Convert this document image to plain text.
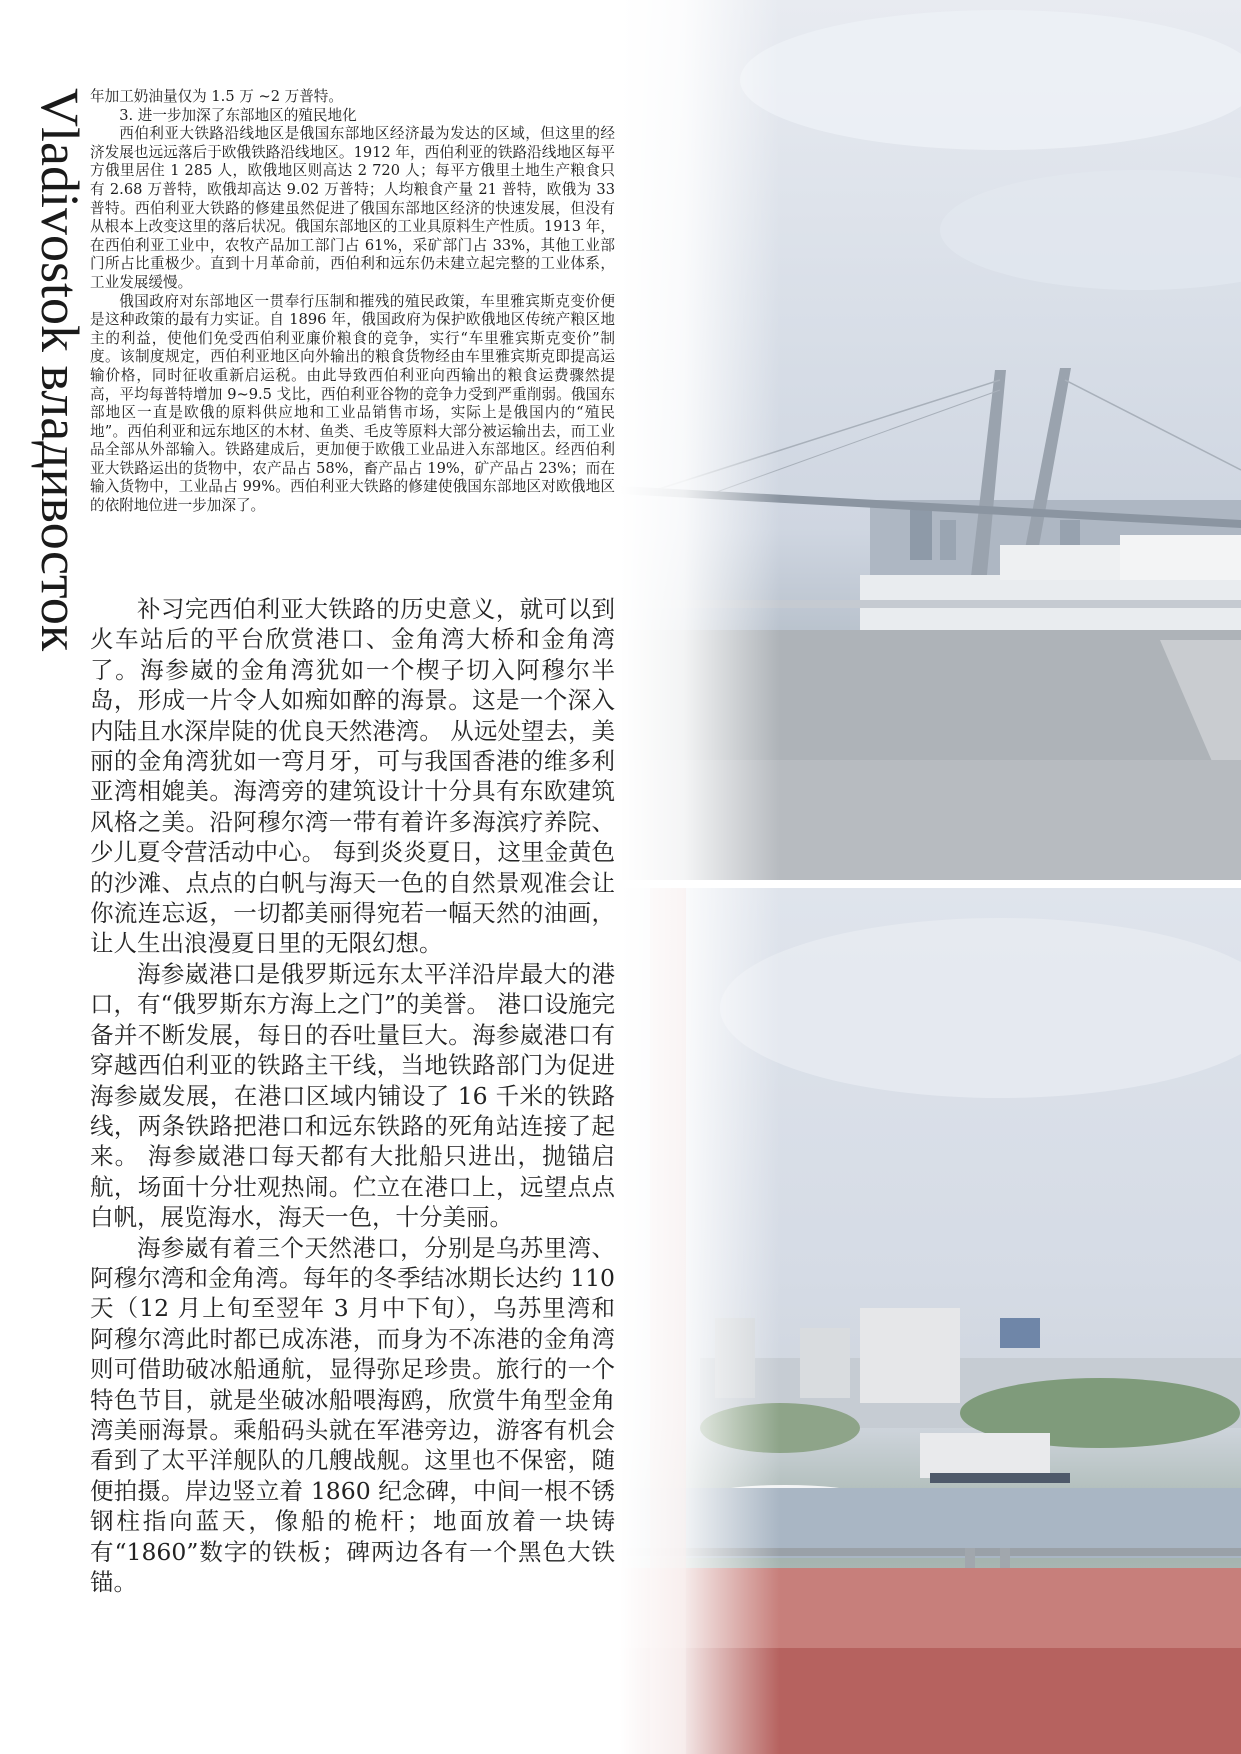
Vladivostok владивосток 年加工奶油量仅为 1.5 万 ~2 万普特。

3. 进一步加深了东部地区的殖民地化

西伯利亚大铁路沿线地区是俄国东部地区经济最为发达的区域，但这里的经济发展也远远落后于欧俄铁路沿线地区。1912 年，西伯利亚的铁路沿线地区每平方俄里居住 1 285 人，欧俄地区则高达 2 720 人；每平方俄里土地生产粮食只有 2.68 万普特，欧俄却高达 9.02 万普特；人均粮食产量 21 普特，欧俄为 33 普特。西伯利亚大铁路的修建虽然促进了俄国东部地区经济的快速发展，但没有从根本上改变这里的落后状况。俄国东部地区的工业具原料生产性质。1913 年，在西伯利亚工业中，农牧产品加工部门占 61%，采矿部门占 33%，其他工业部门所占比重极少。直到十月革命前，西伯利和远东仍未建立起完整的工业体系，工业发展缓慢。

俄国政府对东部地区一贯奉行压制和摧残的殖民政策，车里雅宾斯克变价便是这种政策的最有力实证。自 1896 年，俄国政府为保护欧俄地区传统产粮区地主的利益，使他们免受西伯利亚廉价粮食的竞争，实行“车里雅宾斯克变价”制度。该制度规定，西伯利亚地区向外输出的粮食货物经由车里雅宾斯克即提高运输价格，同时征收重新启运税。由此导致西伯利亚向西输出的粮食运费骤然提高，平均每普特增加 9~9.5 戈比，西伯利亚谷物的竞争力受到严重削弱。俄国东部地区一直是欧俄的原料供应地和工业品销售市场，实际上是俄国内的“殖民地”。西伯利亚和远东地区的木材、鱼类、毛皮等原料大部分被运输出去，而工业品全部从外部输入。铁路建成后，更加便于欧俄工业品进入东部地区。经西伯利亚大铁路运出的货物中，农产品占 58%，畜产品占 19%，矿产品占 23%；而在输入货物中，工业品占 99%。西伯利亚大铁路的修建使俄国东部地区对欧俄地区的依附地位进一步加深了。

补习完西伯利亚大铁路的历史意义，就可以到火车站后的平台欣赏港口、金角湾大桥和金角湾了。海参崴的金角湾犹如一个楔子切入阿穆尔半岛，形成一片令人如痴如醉的海景。这是一个深入内陆且水深岸陡的优良天然港湾。 从远处望去，美丽的金角湾犹如一弯月牙，可与我国香港的维多利亚湾相媲美。海湾旁的建筑设计十分具有东欧建筑风格之美。沿阿穆尔湾一带有着许多海滨疗养院、少儿夏令营活动中心。 每到炎炎夏日，这里金黄色的沙滩、点点的白帆与海天一色的自然景观准会让你流连忘返，一切都美丽得宛若一幅天然的油画，让人生出浪漫夏日里的无限幻想。

海参崴港口是俄罗斯远东太平洋沿岸最大的港口，有“俄罗斯东方海上之门”的美誉。 港口设施完备并不断发展，每日的吞吐量巨大。海参崴港口有穿越西伯利亚的铁路主干线，当地铁路部门为促进海参崴发展，在港口区域内铺设了 16 千米的铁路线，两条铁路把港口和远东铁路的死角站连接了起来。 海参崴港口每天都有大批船只进出，抛锚启航，场面十分壮观热闹。伫立在港口上，远望点点白帆，展览海水，海天一色，十分美丽。

海参崴有着三个天然港口，分别是乌苏里湾、阿穆尔湾和金角湾。每年的冬季结冰期长达约 110 天（12 月上旬至翌年 3 月中下旬），乌苏里湾和阿穆尔湾此时都已成冻港，而身为不冻港的金角湾则可借助破冰船通航，显得弥足珍贵。旅行的一个特色节目，就是坐破冰船喂海鸥，欣赏牛角型金角湾美丽海景。乘船码头就在军港旁边，游客有机会看到了太平洋舰队的几艘战舰。这里也不保密，随便拍摄。岸边竖立着 1860 纪念碑，中间一根不锈钢柱指向蓝天，像船的桅杆；地面放着一块铸有“1860”数字的铁板；碑两边各有一个黑色大铁锚。
